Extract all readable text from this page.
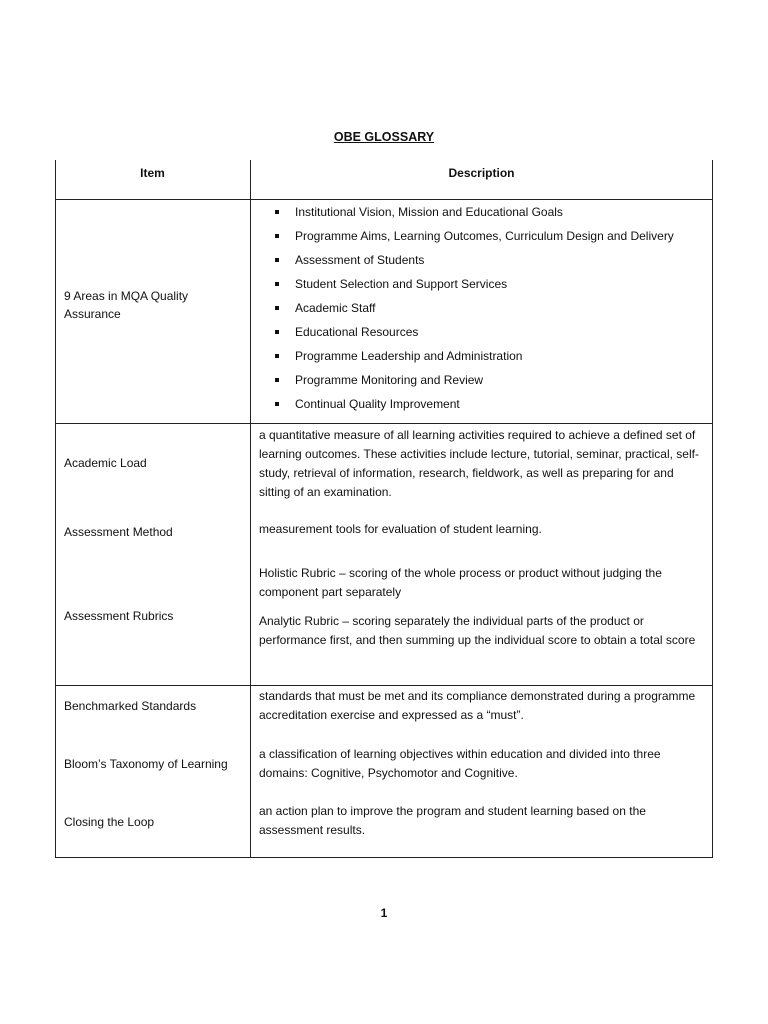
OBE GLOSSARY
Item	Description
9 Areas in MQA Quality Assurance
Institutional Vision, Mission and Educational Goals
Programme Aims, Learning Outcomes, Curriculum Design and Delivery
Assessment of Students
Student Selection and Support Services
Academic Staff
Educational Resources
Programme Leadership and Administration
Programme Monitoring and Review
Continual Quality Improvement
Academic Load
a quantitative measure of all learning activities required to achieve a defined set of learning outcomes. These activities include lecture, tutorial, seminar, practical, self-study, retrieval of information, research, fieldwork, as well as preparing for and sitting of an examination.
Assessment Method	measurement tools for evaluation of student learning.
Assessment Rubrics
Holistic Rubric – scoring of the whole process or product without judging the component part separately
Analytic Rubric – scoring separately the individual parts of the product or performance first, and then summing up the individual score to obtain a total score
Benchmarked Standards
standards that must be met and its compliance demonstrated during a programme accreditation exercise and expressed as a “must”.
Bloom’s Taxonomy of Learning
a classification of learning objectives within education and divided into three domains: Cognitive, Psychomotor and Cognitive.
Closing the Loop
an action plan to improve the program and student learning based on the assessment results.
1
